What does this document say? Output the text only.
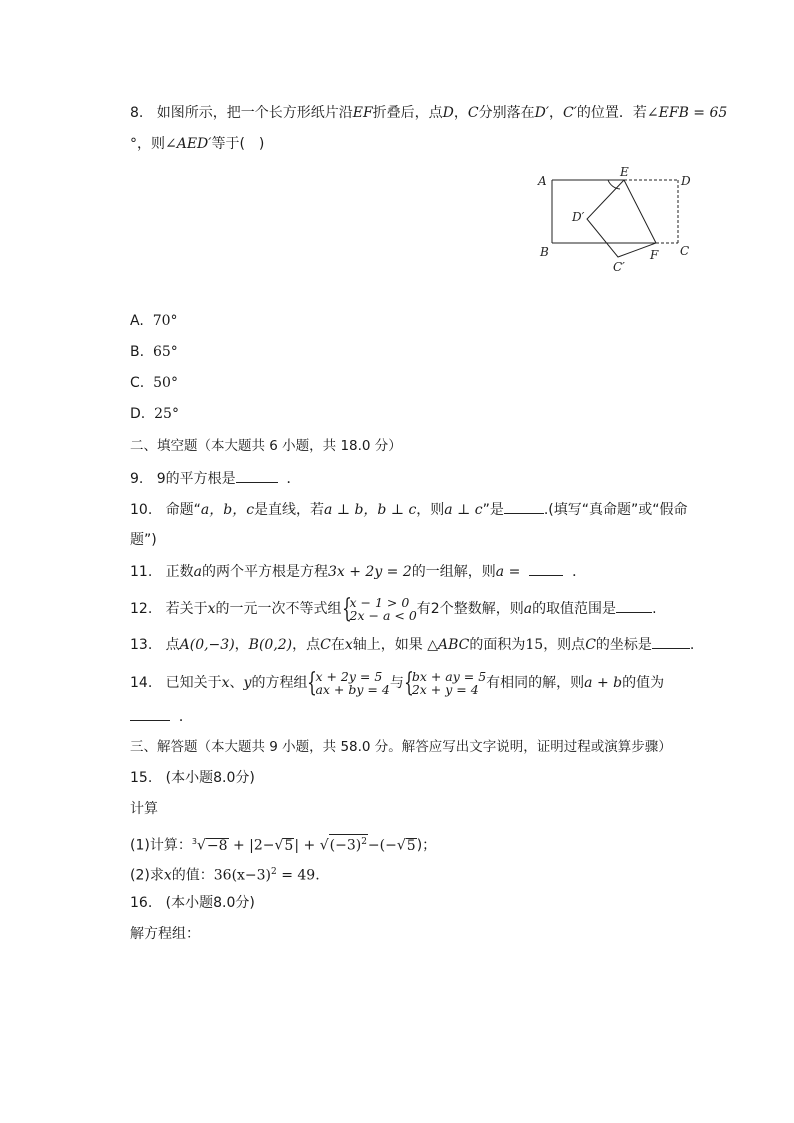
8. 如图所示，把一个长方形纸片沿EF折叠后，点D，C分别落在D′，C′的位置．若∠EFB = 65
°，则∠AED′等于(　)
A
E
D
D′
B
C′
F C
A. 70°
B. 65°
C. 50°
D. 25°
二、填空题（本大题共 6 小题，共 18.0 分）
9. 9的平方根是	．
10. 命题“a，b，c是直线，若a ⊥ b，b ⊥ c，则a ⊥ c”是	.(填写“真命题”或“假命
题”)
11. 正数a的两个平方根是方程3x + 2y = 2的一组解，则a =	．
12. 若关于x的一元一次不等式组 {
x − 1 > 0
2x − a < 0 有2个整数解，则a的取值范围是	.
13. 点A(0,−3)，B(0,2)，点C在x轴上，如果 △ABC的面积为15，则点C的坐标是	.
14. 已知关于x、y的方程组 {
x + 2y = 5
ax + by = 4 与 {
bx + ay = 5
2x + y = 4 有相同的解，则a + b的值为
．
三、解答题（本大题共 9 小题，共 58.0 分。解答应写出文字说明，证明过程或演算步骤）
15. (本小题8.0分)
计算
(1)计算：$^3√-8 + |2-√5| + √(-3)^2-(-√5)$；
(2)求x的值：$36(x-3)^2 = 49$.
16. (本小题8.0分)
解方程组：
